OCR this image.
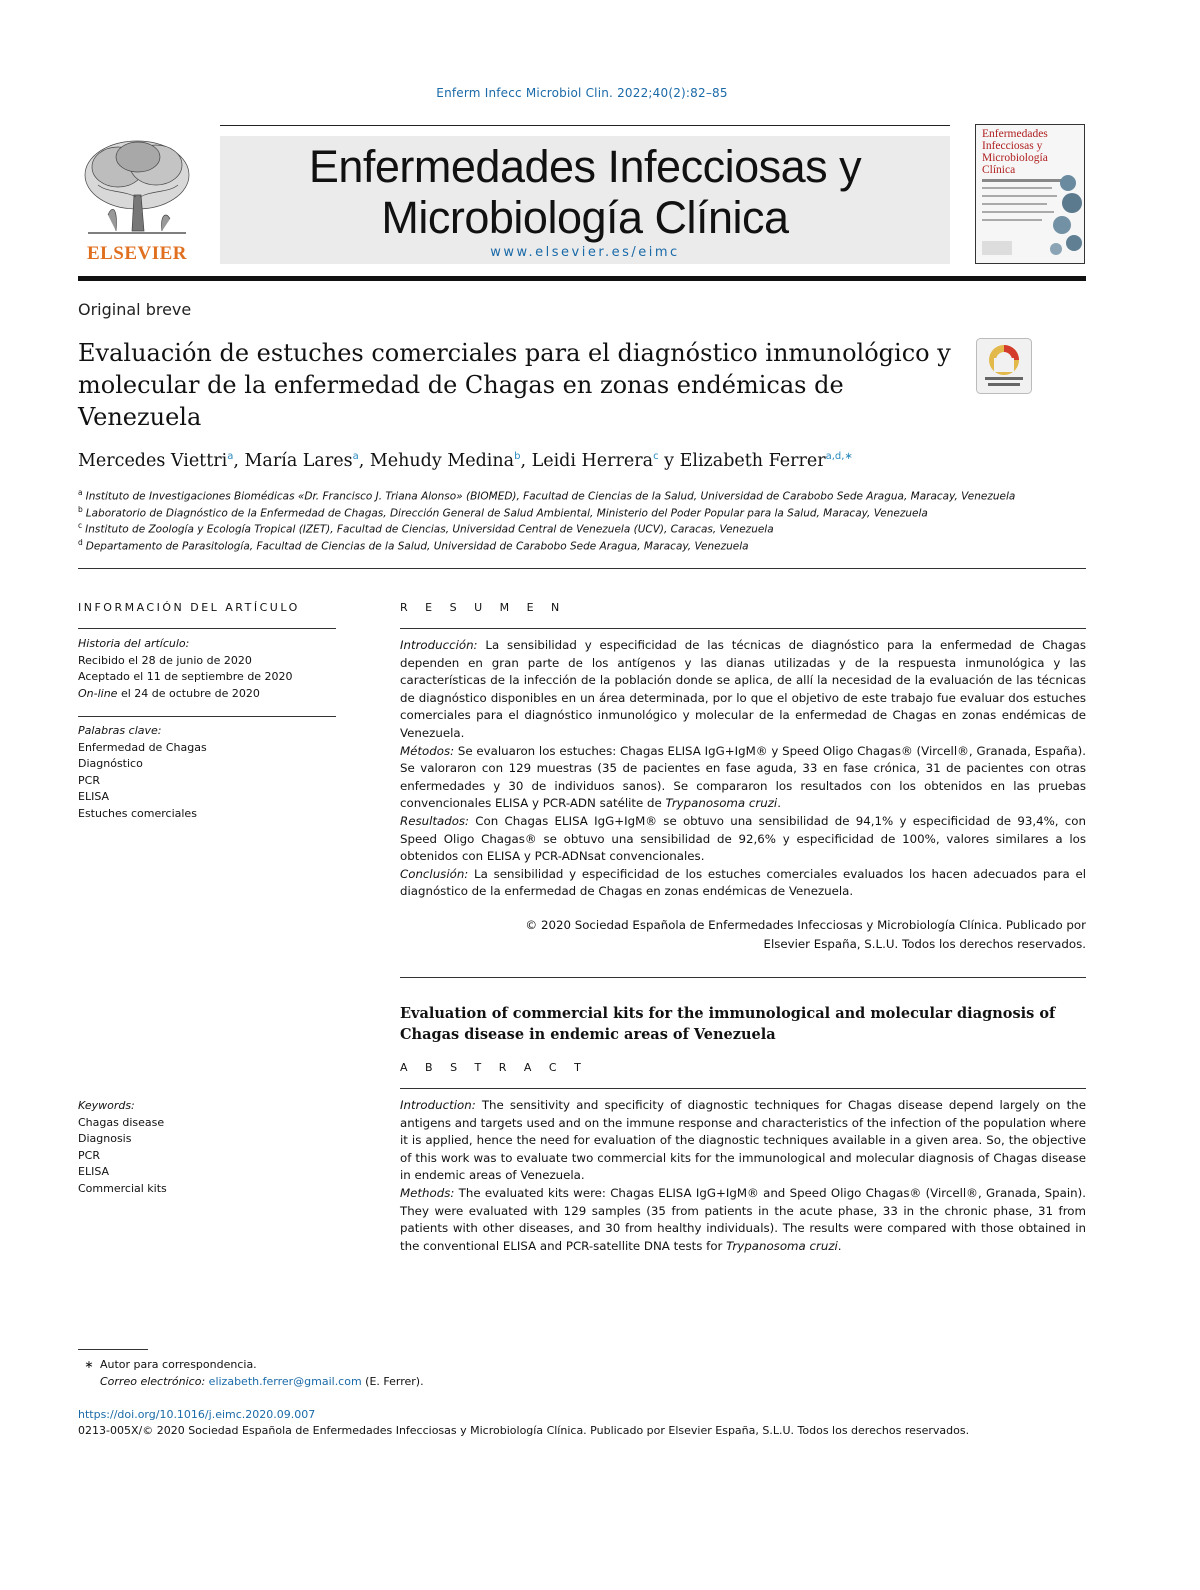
Enferm Infecc Microbiol Clin. 2022;40(2):82–85
Enfermedades Infecciosas y
Microbiología Clínica
www.elsevier.es/eimc
ELSEVIER
Enfermedades Infecciosas y Microbiología Clínica
Original breve
Evaluación de estuches comerciales para el diagnóstico inmunológico y molecular de la enfermedad de Chagas en zonas endémicas de Venezuela
Mercedes Viettri$^a$, María Lares$^a$, Mehudy Medina$^b$, Leidi Herrera$^c$ y Elizabeth Ferrer$^{a,d,∗}$
$^a$ Instituto de Investigaciones Biomédicas «Dr. Francisco J. Triana Alonso» (BIOMED), Facultad de Ciencias de la Salud, Universidad de Carabobo Sede Aragua, Maracay, Venezuela
$^b$ Laboratorio de Diagnóstico de la Enfermedad de Chagas, Dirección General de Salud Ambiental, Ministerio del Poder Popular para la Salud, Maracay, Venezuela
$^c$ Instituto de Zoología y Ecología Tropical (IZET), Facultad de Ciencias, Universidad Central de Venezuela (UCV), Caracas, Venezuela
$^d$ Departamento de Parasitología, Facultad de Ciencias de la Salud, Universidad de Carabobo Sede Aragua, Maracay, Venezuela
INFORMACIÓN DEL ARTÍCULO
Historia del artículo:
Recibido el 28 de junio de 2020
Aceptado el 11 de septiembre de 2020
On-line el 24 de octubre de 2020
Palabras clave:
Enfermedad de Chagas
Diagnóstico
PCR
ELISA
Estuches comerciales
Keywords:
Chagas disease
Diagnosis
PCR
ELISA
Commercial kits
R E S U M E N
Introducción: La sensibilidad y especificidad de las técnicas de diagnóstico para la enfermedad de Chagas dependen en gran parte de los antígenos y las dianas utilizadas y de la respuesta inmunológica y las características de la infección de la población donde se aplica, de allí la necesidad de la evaluación de las técnicas de diagnóstico disponibles en un área determinada, por lo que el objetivo de este trabajo fue evaluar dos estuches comerciales para el diagnóstico inmunológico y molecular de la enfermedad de Chagas en zonas endémicas de Venezuela.
Métodos: Se evaluaron los estuches: Chagas ELISA IgG+IgM® y Speed Oligo Chagas® (Vircell®, Granada, España). Se valoraron con 129 muestras (35 de pacientes en fase aguda, 33 en fase crónica, 31 de pacientes con otras enfermedades y 30 de individuos sanos). Se compararon los resultados con los obtenidos en las pruebas convencionales ELISA y PCR-ADN satélite de Trypanosoma cruzi.
Resultados: Con Chagas ELISA IgG+IgM® se obtuvo una sensibilidad de 94,1% y especificidad de 93,4%, con Speed Oligo Chagas® se obtuvo una sensibilidad de 92,6% y especificidad de 100%, valores similares a los obtenidos con ELISA y PCR-ADNsat convencionales.
Conclusión: La sensibilidad y especificidad de los estuches comerciales evaluados los hacen adecuados para el diagnóstico de la enfermedad de Chagas en zonas endémicas de Venezuela.
© 2020 Sociedad Española de Enfermedades Infecciosas y Microbiología Clínica. Publicado por
Elsevier España, S.L.U. Todos los derechos reservados.
Evaluation of commercial kits for the immunological and molecular diagnosis of Chagas disease in endemic areas of Venezuela
A B S T R A C T
Introduction: The sensitivity and specificity of diagnostic techniques for Chagas disease depend largely on the antigens and targets used and on the immune response and characteristics of the infection of the population where it is applied, hence the need for evaluation of the diagnostic techniques available in a given area. So, the objective of this work was to evaluate two commercial kits for the immunological and molecular diagnosis of Chagas disease in endemic areas of Venezuela.
Methods: The evaluated kits were: Chagas ELISA IgG+IgM® and Speed Oligo Chagas® (Vircell®, Granada, Spain). They were evaluated with 129 samples (35 from patients in the acute phase, 33 in the chronic phase, 31 from patients with other diseases, and 30 from healthy individuals). The results were compared with those obtained in the conventional ELISA and PCR-satellite DNA tests for Trypanosoma cruzi.
∗ Autor para correspondencia.
Correo electrónico: elizabeth.ferrer@gmail.com (E. Ferrer).
https://doi.org/10.1016/j.eimc.2020.09.007
0213-005X/© 2020 Sociedad Española de Enfermedades Infecciosas y Microbiología Clínica. Publicado por Elsevier España, S.L.U. Todos los derechos reservados.
